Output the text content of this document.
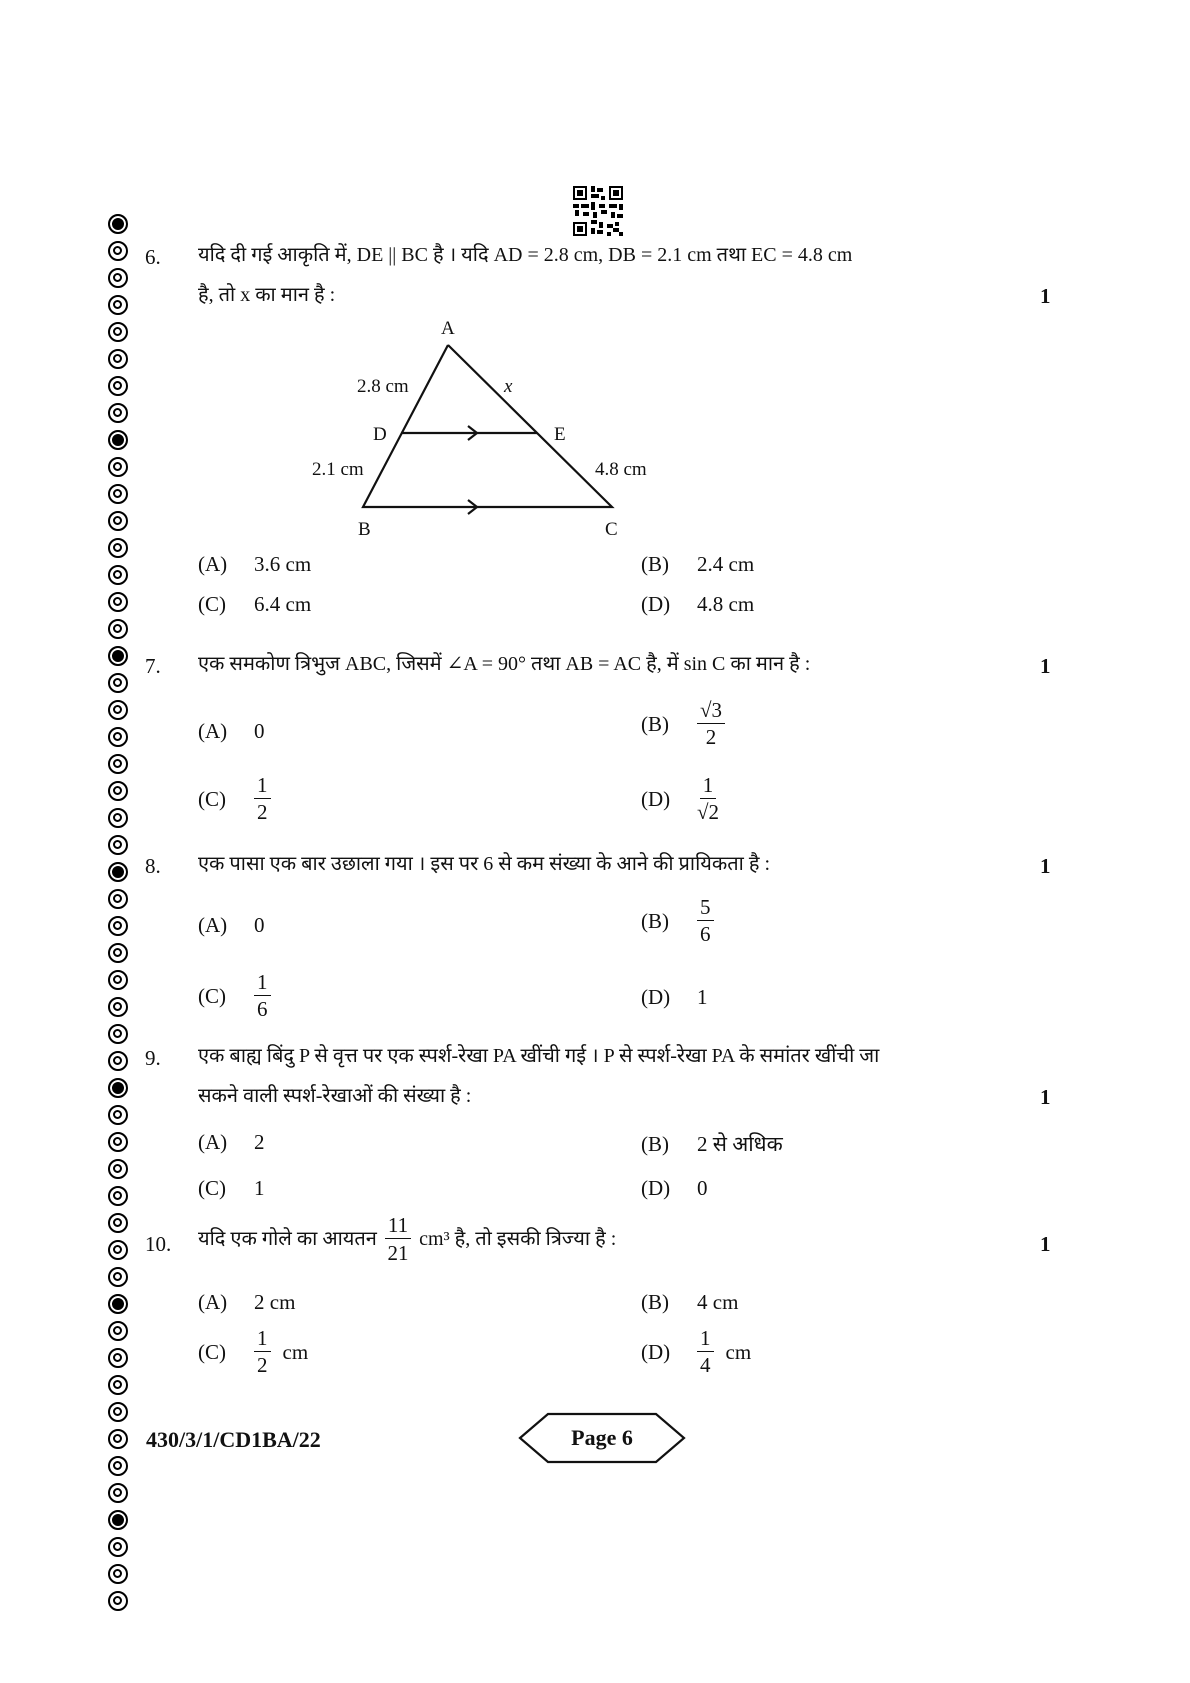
6. यदि दी गई आकृति में, DE || BC है । यदि AD = 2.8 cm, DB = 2.1 cm तथा EC = 4.8 cm
है, तो x का मान है :	1
A
B	C
D	E
2.8 cm
2.1 cm
x
4.8 cm
(A)	3.6 cm	(B)	2.4 cm
(C)	6.4 cm	(D)	4.8 cm
7. एक समकोण त्रिभुज ABC, जिसमें ∠A = 90° तथा AB = AC है, में sin C का मान है :	1
(A)	0	(B)	$\frac{√3}{2}$
(C)	$\frac{1}{2}$	(D)	$\frac{1}{√2}$
8. एक पासा एक बार उछाला गया । इस पर 6 से कम संख्या के आने की प्रायिकता है :	1
(A)	0	(B)	$\frac{5}{6}$
(C)	$\frac{1}{6}$	(D)	1
9. एक बाह्य बिंदु P से वृत्त पर एक स्पर्श-रेखा PA खींची गई । P से स्पर्श-रेखा PA के समांतर खींची जा
सकने वाली स्पर्श-रेखाओं की संख्या है :	1
(A)	2	(B)	2 से अधिक
(C)	1	(D)	0
10. यदि एक गोले का आयतन $\frac{11}{21} cm^3$ है, तो इसकी त्रिज्या है :	1
(A)	2 cm	(B)	4 cm
(C)	$\frac{1}{2}$ cm	(D)	$\frac{1}{4}$ cm
430/3/1/CD1BA/22	Page 6
